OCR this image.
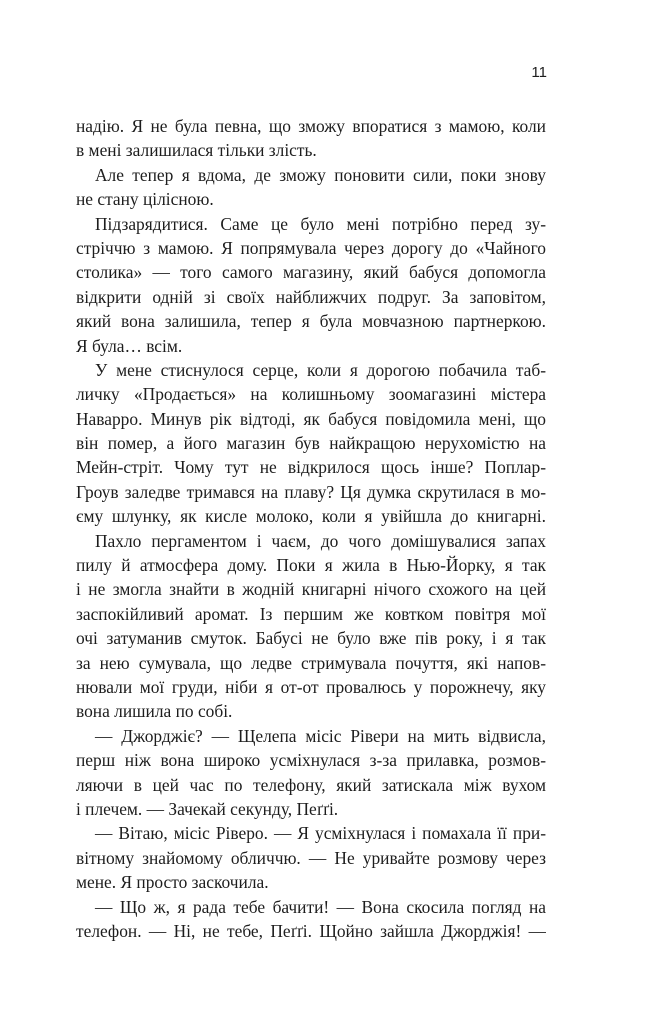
11
надію. Я не була певна, що зможу впоратися з мамою, коли
в мені залишилася тільки злість.
Але тепер я вдома, де зможу поновити сили, поки знову
не стану цілісною.
Підзарядитися. Саме це було мені потрібно перед зу-
стріччю з мамою. Я попрямувала через дорогу до «Чайного
столика» — того самого магазину, який бабуся допомогла
відкрити одній зі своїх найближчих подруг. За заповітом,
який вона залишила, тепер я була мовчазною партнеркою.
Я була… всім.
У мене стиснулося серце, коли я дорогою побачила таб-
личку «Продається» на колишньому зоомагазині містера
Наварро. Минув рік відтоді, як бабуся повідомила мені, що
він помер, а його магазин був найкращою нерухомістю на
Мейн-стріт. Чому тут не відкрилося щось інше? Поплар-
Гроув заледве тримався на плаву? Ця думка скрутилася в мо-
єму шлунку, як кисле молоко, коли я увійшла до книгарні.
Пахло пергаментом і чаєм, до чого домішувалися запах
пилу й атмосфера дому. Поки я жила в Нью-Йорку, я так
і не змогла знайти в жодній книгарні нічого схожого на цей
заспокійливий аромат. Із першим же ковтком повітря мої
очі затуманив смуток. Бабусі не було вже пів року, і я так
за нею сумувала, що ледве стримувала почуття, які напов-
нювали мої груди, ніби я от-от провалюсь у порожнечу, яку
вона лишила по собі.
— Джорджіє? — Щелепа місіс Рівери на мить відвисла,
перш ніж вона широко усміхнулася з-за прилавка, розмов-
ляючи в цей час по телефону, який затискала між вухом
і плечем. — Зачекай секунду, Пеґґі.
— Вітаю, місіс Рівеpo. — Я усміхнулася і помахала її при-
вітному знайомому обличчю. — Не уривайте розмову через
мене. Я просто заскочила.
— Що ж, я рада тебе бачити! — Вона скосила погляд на
телефон. — Ні, не тебе, Пеґґі. Щойно зайшла Джорджія! —
